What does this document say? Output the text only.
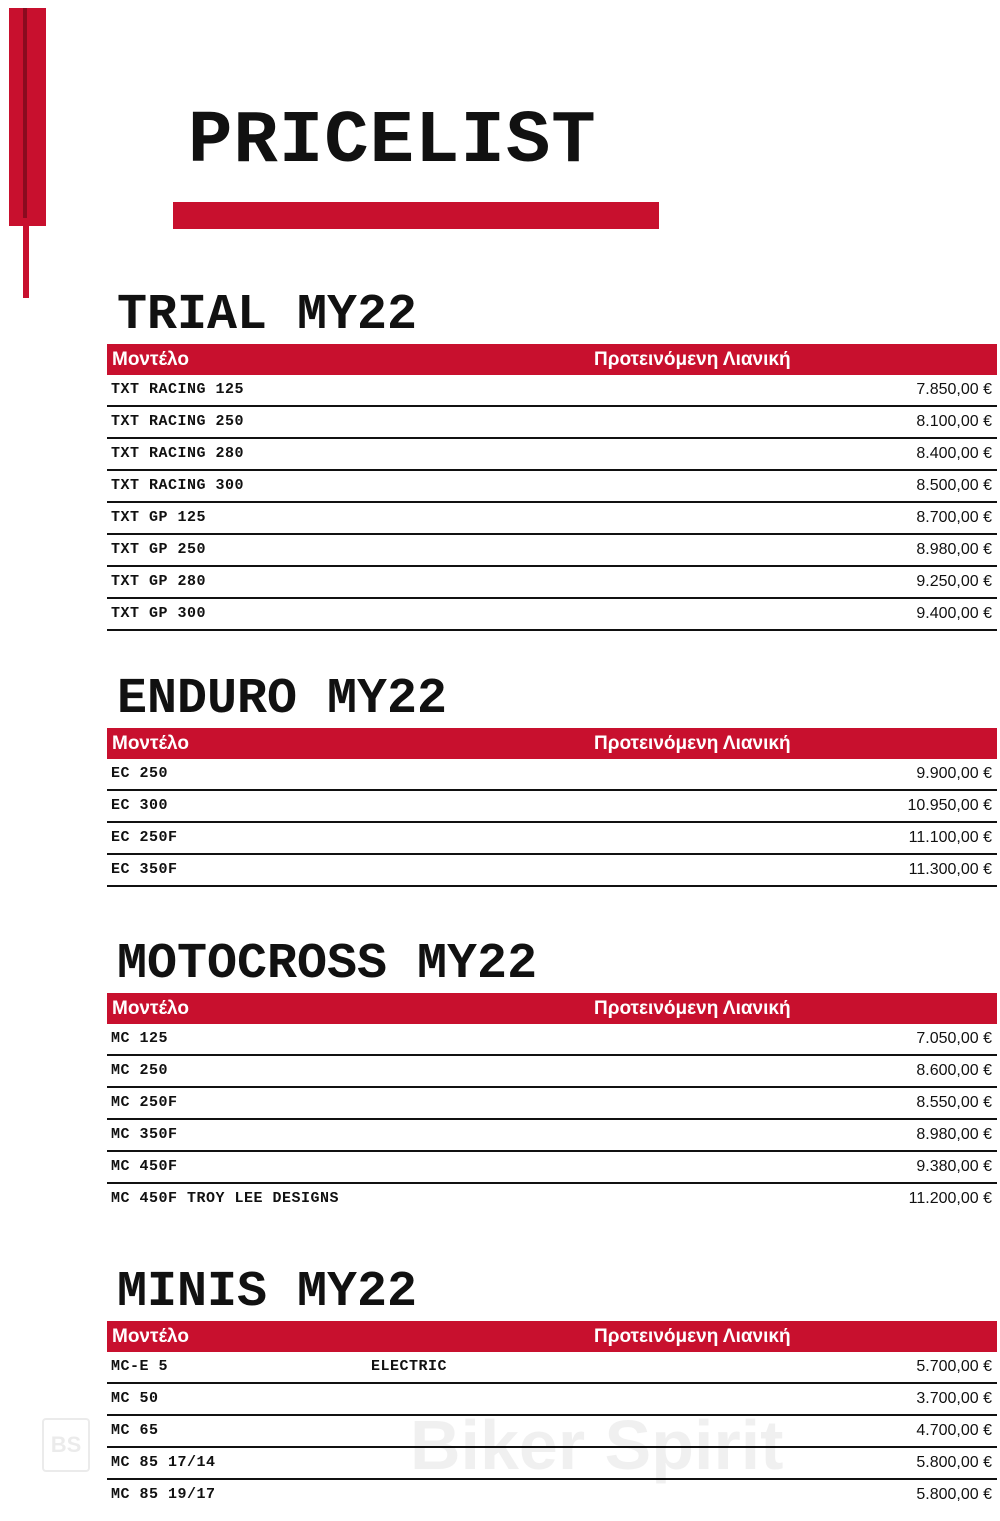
PRICELIST
TRIAL MY22
Μοντέλο	Προτεινόμενη Λιανική
TXT RACING 125	7.850,00 €
TXT RACING 250	8.100,00 €
TXT RACING 280	8.400,00 €
TXT RACING 300	8.500,00 €
TXT GP 125	8.700,00 €
TXT GP 250	8.980,00 €
TXT GP 280	9.250,00 €
TXT GP 300	9.400,00 €
ENDURO MY22
Μοντέλο	Προτεινόμενη Λιανική
EC 250	9.900,00 €
EC 300	10.950,00 €
EC 250F	11.100,00 €
EC 350F	11.300,00 €
MOTOCROSS MY22
Μοντέλο	Προτεινόμενη Λιανική
MC 125	7.050,00 €
MC 250	8.600,00 €
MC 250F	8.550,00 €
MC 350F	8.980,00 €
MC 450F	9.380,00 €
MC 450F TROY LEE DESIGNS	11.200,00 €
MINIS MY22
Μοντέλο	Προτεινόμενη Λιανική
MC-E 5	ELECTRIC	5.700,00 €
MC 50	3.700,00 €
MC 65	4.700,00 €
MC 85 17/14	5.800,00 €
MC 85 19/17	5.800,00 €
BS	Biker Spirit
